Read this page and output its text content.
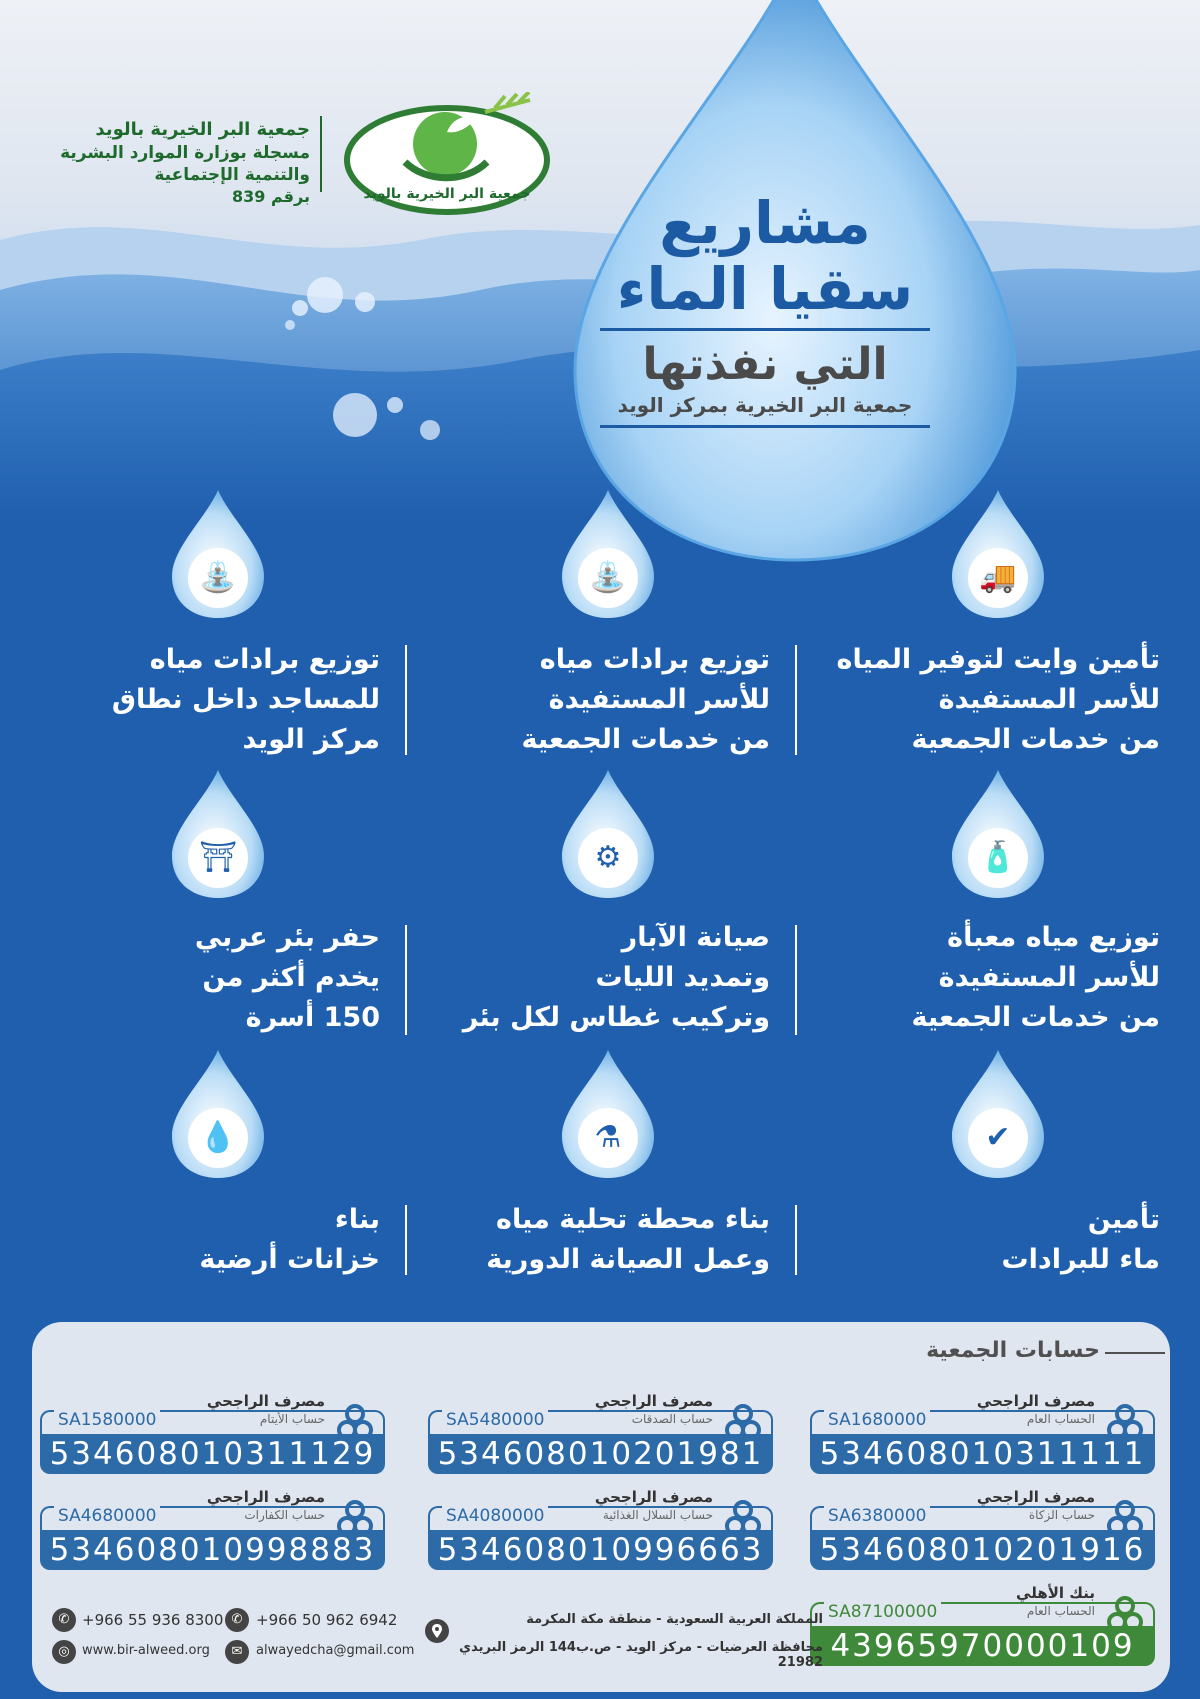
مشاريع
سقيا الماء
التي نفذتها
جمعية البر الخيرية بمركز الويد
جمعية البر الخيرية بالويد
مسجلة بوزارة الموارد البشرية
والتنمية الإجتماعية
برقم 839	جمعية البر الخيرية بالويد
🚚
تأمين وايت لتوفير المياه
للأسر المستفيدة
من خدمات الجمعية
⛲
توزيع برادات مياه
للأسر المستفيدة
من خدمات الجمعية
⛲
توزيع برادات مياه
للمساجد داخل نطاق
مركز الويد
🧴
توزيع مياه معبأة
للأسر المستفيدة
من خدمات الجمعية
⚙
صيانة الآبار
وتمديد الليات
وتركيب غطاس لكل بئر
⛩
حفر بئر عربي
يخدم أكثر من
150 أسرة
✔
تأمين
ماء للبرادات
⚗
بناء محطة تحلية مياه
وعمل الصيانة الدورية
💧
بناء
خزانات أرضية
حسابات الجمعية
مصرف الراجحي
الحساب العام
SA1680000
534608010311111
مصرف الراجحي
حساب الصدقات
SA5480000
534608010201981
مصرف الراجحي
حساب الأيتام
SA1580000
534608010311129
مصرف الراجحي
حساب الزكاة
SA6380000
534608010201916
مصرف الراجحي
حساب السلال الغذائية
SA4080000
534608010996663
مصرف الراجحي
حساب الكفارات
SA4680000
534608010998883
بنك الأهلي
الحساب العام
SA87100000
43965970000109
✆ +966 55 936 8300 ✆ +966 50 962 6942
◎ www.bir-alweed.org	✉	alwayedcha@gmail.com
المملكة العربية السعودية - منطقة مكة المكرمة
محافظة العرضيات - مركز الويد - ص.ب144 الرمز البريدي 21982
